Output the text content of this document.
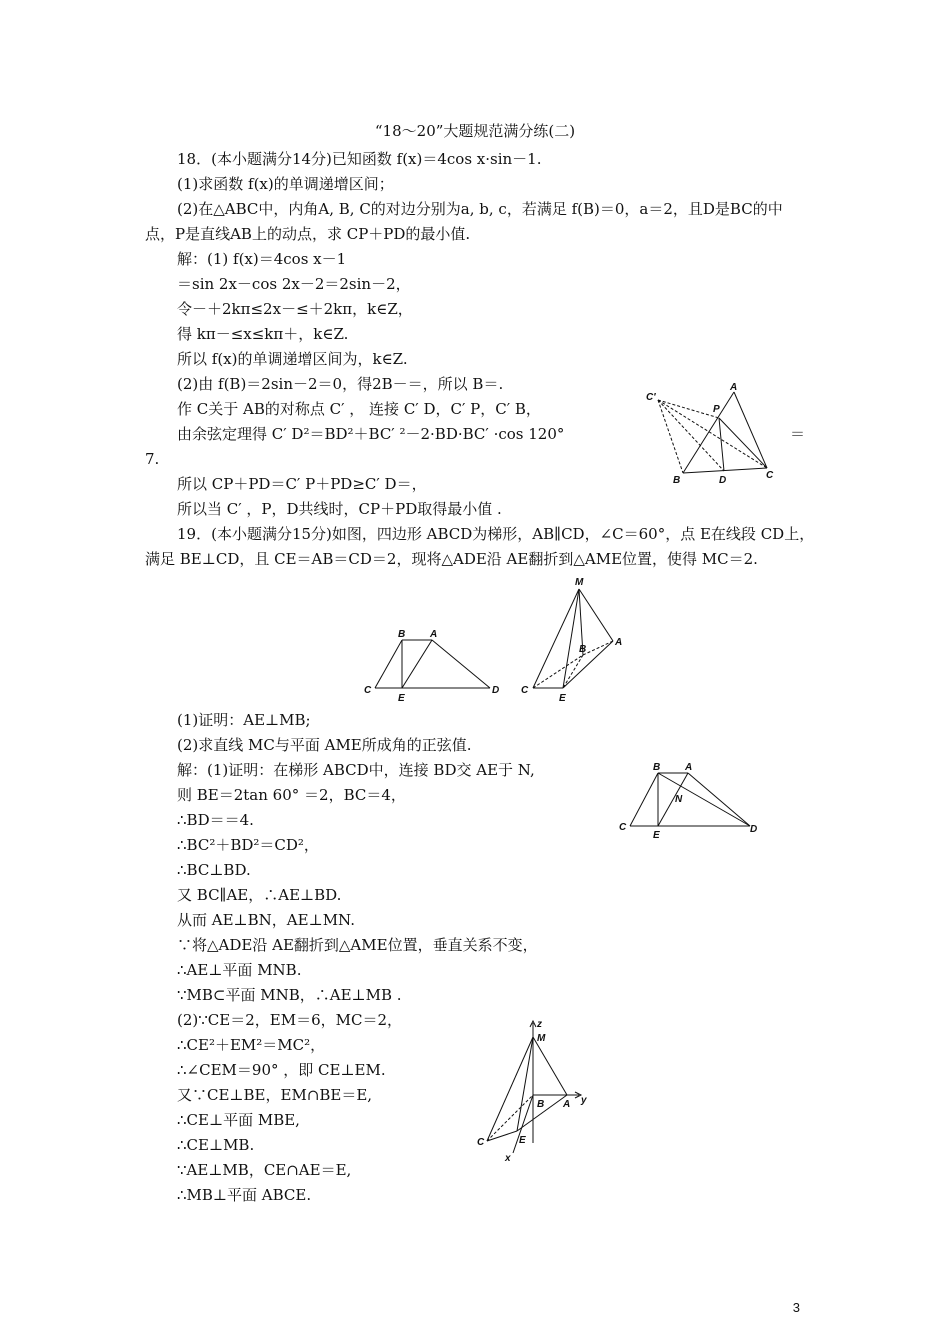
“18～20”大题规范满分练(二)
18．(本小题满分14分)已知函数 f(x)＝4cos x·sin－1.
(1)求函数 f(x)的单调递增区间；
(2)在△ABC中，内角A, B, C的对边分别为a, b, c，若满足 f(B)＝0，a＝2，且D是BC的中
点，P是直线AB上的动点，求 CP＋PD的最小值.
解：(1) f(x)＝4cos x－1
＝sin 2x－cos 2x－2＝2sin－2，
令－＋2kπ≤2x－≤＋2kπ，k∈Z，
得 kπ－≤x≤kπ＋，k∈Z.
所以 f(x)的单调递增区间为，k∈Z.
(2)由 f(B)＝2sin－2＝0，得2B－＝，所以 B＝.
作 C关于 AB的对称点 C′ ， 连接 C′ D，C′ P，C′ B，
由余弦定理得 C′ D²＝BD²＋BC′ ²－2·BD·BC′ ·cos 120°	＝
7.
所以 CP＋PD＝C′ P＋PD≥C′ D＝，
所以当 C′ ，P，D共线时，CP＋PD取得最小值 .
19．(本小题满分15分)如图，四边形 ABCD为梯形，AB∥CD，∠C＝60°，点 E在线段 CD上，
满足 BE⊥CD，且 CE＝AB＝CD＝2，现将△ADE沿 AE翻折到△AME位置，使得 MC＝2.
(1)证明：AE⊥MB;
(2)求直线 MC与平面 AME所成角的正弦值.
解：(1)证明：在梯形 ABCD中，连接 BD交 AE于 N,
则 BE＝2tan 60° ＝2，BC＝4，
∴BD＝＝4.
∴BC²＋BD²＝CD²，
∴BC⊥BD.
又 BC∥AE，∴AE⊥BD.
从而 AE⊥BN，AE⊥MN.
∵将△ADE沿 AE翻折到△AME位置，垂直关系不变，
∴AE⊥平面 MNB.
∵MB⊂平面 MNB，∴AE⊥MB .
(2)∵CE＝2，EM＝6，MC＝2，
∴CE²＋EM²＝MC²，
∴∠CEM＝90° ，即 CE⊥EM.
又∵CE⊥BE，EM∩BE＝E,
∴CE⊥平面 MBE,
∴CE⊥MB.
∵AE⊥MB，CE∩AE＝E,
∴MB⊥平面 ABCE.
A
P
C′
B	D	C
B A
C
E
D
M
A
B
C
E
B A
N
C
E
D
z
M
B A y
C	E
x
3
